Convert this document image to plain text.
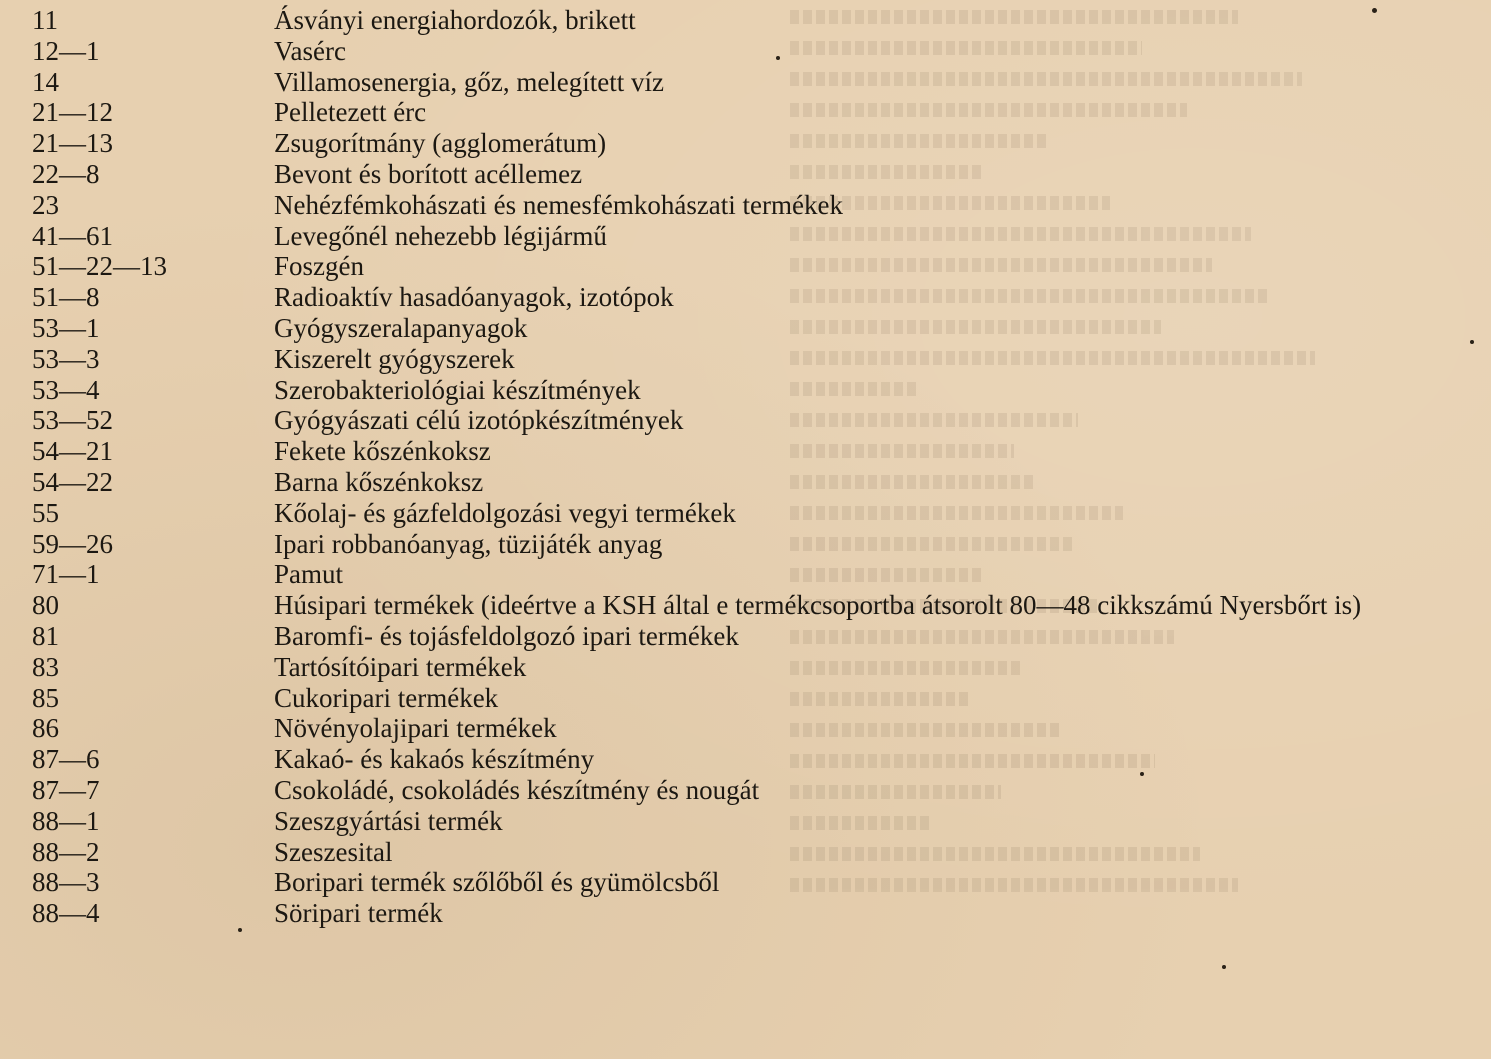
11	Ásványi energiahordozók, brikett
12—1	Vasérc
14	Villamosenergia, gőz, melegített víz
21—12	Pelletezett érc
21—13	Zsugorítmány (agglomerátum)
22—8	Bevont és borított acéllemez
23	Nehézfémkohászati és nemesfémkohászati termékek
41—61	Levegőnél nehezebb légijármű
51—22—13	Foszgén
51—8	Radioaktív hasadóanyagok, izotópok
53—1	Gyógyszeralapanyagok
53—3	Kiszerelt gyógyszerek
53—4	Szerobakteriológiai készítmények
53—52	Gyógyászati célú izotópkészítmények
54—21	Fekete kőszénkoksz
54—22	Barna kőszénkoksz
55	Kőolaj- és gázfeldolgozási vegyi termékek
59—26	Ipari robbanóanyag, tüzijáték anyag
71—1	Pamut
80	Húsipari termékek (ideértve a KSH által e termékcsoportba átsorolt 80—48 cikkszámú Nyersbőrt is)
81	Baromfi- és tojásfeldolgozó ipari termékek
83	Tartósítóipari termékek
85	Cukoripari termékek
86	Növényolajipari termékek
87—6	Kakaó- és kakaós készítmény
87—7	Csokoládé, csokoládés készítmény és nougát
88—1	Szeszgyártási termék
88—2	Szeszesital
88—3	Boripari termék szőlőből és gyümölcsből
88—4	Söripari termék
